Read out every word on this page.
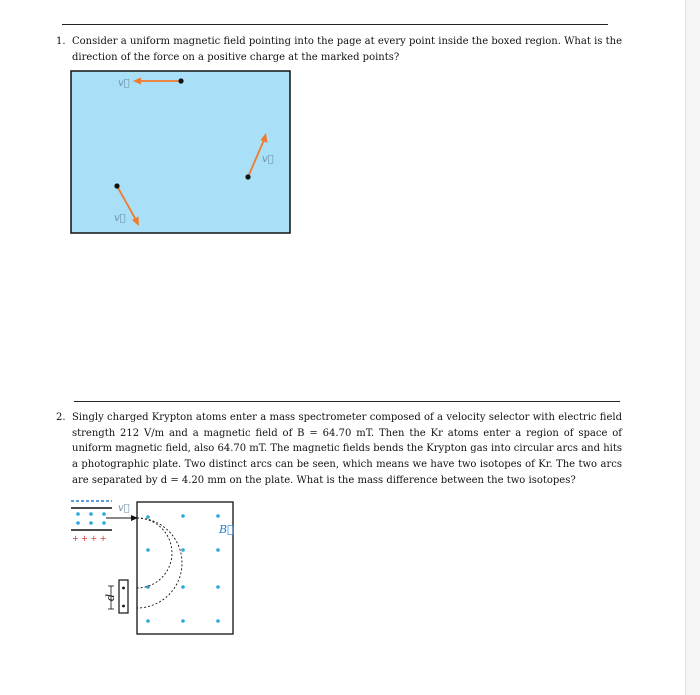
1. Consider a uniform magnetic field pointing into the page at every point inside the boxed region. What is the direction of the force on a positive charge at the marked points?
v⃗
v⃗
v⃗
2. Singly charged Krypton atoms enter a mass spectrometer composed of a velocity selector with electric field strength 212 V/m and a magnetic field of B = 64.70 mT. Then the Kr atoms enter a region of space of uniform magnetic field, also 64.70 mT. The magnetic fields bends the Krypton gas into circular arcs and hits a photographic plate. Two distinct arcs can be seen, which means we have two isotopes of Kr. The two arcs are separated by d = 4.20 mm on the plate. What is the mass difference between the two isotopes?
+ + + +
v⃗
B⃗
d
